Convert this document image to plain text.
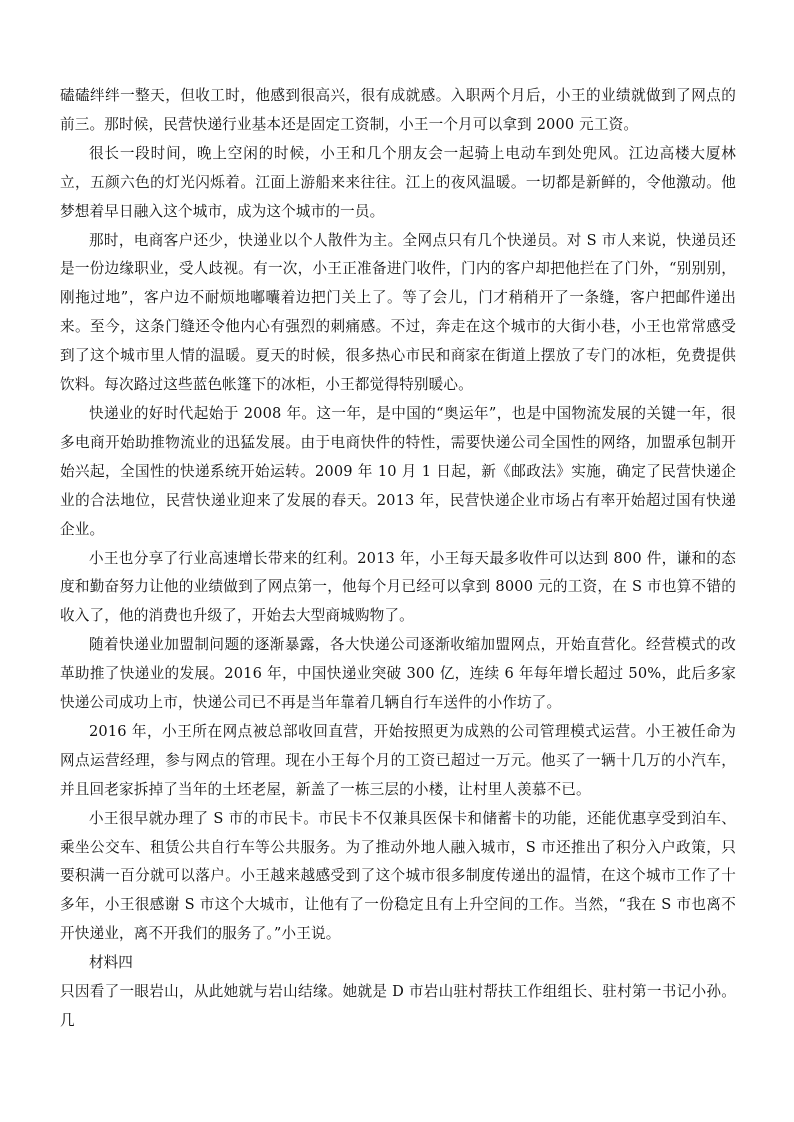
磕磕绊绊一整天，但收工时，他感到很高兴，很有成就感。入职两个月后，小王的业绩就做到了网点的前三。那时候，民营快递行业基本还是固定工资制，小王一个月可以拿到 2000 元工资。

很长一段时间，晚上空闲的时候，小王和几个朋友会一起骑上电动车到处兜风。江边高楼大厦林立，五颜六色的灯光闪烁着。江面上游船来来往往。江上的夜风温暖。一切都是新鲜的，令他激动。他梦想着早日融入这个城市，成为这个城市的一员。

那时，电商客户还少，快递业以个人散件为主。全网点只有几个快递员。对 S 市人来说，快递员还是一份边缘职业，受人歧视。有一次，小王正准备进门收件，门内的客户却把他拦在了门外，“别别别，刚拖过地”，客户边不耐烦地嘟囔着边把门关上了。等了会儿，门才稍稍开了一条缝，客户把邮件递出来。至今，这条门缝还令他内心有强烈的刺痛感。不过，奔走在这个城市的大街小巷，小王也常常感受到了这个城市里人情的温暖。夏天的时候，很多热心市民和商家在街道上摆放了专门的冰柜，免费提供饮料。每次路过这些蓝色帐篷下的冰柜，小王都觉得特别暖心。

快递业的好时代起始于 2008 年。这一年，是中国的“奥运年”，也是中国物流发展的关键一年，很多电商开始助推物流业的迅猛发展。由于电商快件的特性，需要快递公司全国性的网络，加盟承包制开始兴起，全国性的快递系统开始运转。2009 年 10 月 1 日起，新《邮政法》实施，确定了民营快递企业的合法地位，民营快递业迎来了发展的春天。2013 年，民营快递企业市场占有率开始超过国有快递企业。

小王也分享了行业高速增长带来的红利。2013 年，小王每天最多收件可以达到 800 件，谦和的态度和勤奋努力让他的业绩做到了网点第一，他每个月已经可以拿到 8000 元的工资，在 S 市也算不错的收入了，他的消费也升级了，开始去大型商城购物了。

随着快递业加盟制问题的逐渐暴露，各大快递公司逐渐收缩加盟网点，开始直营化。经营模式的改革助推了快递业的发展。2016 年，中国快递业突破 300 亿，连续 6 年每年增长超过 50%，此后多家快递公司成功上市，快递公司已不再是当年靠着几辆自行车送件的小作坊了。

2016 年，小王所在网点被总部收回直营，开始按照更为成熟的公司管理模式运营。小王被任命为网点运营经理，参与网点的管理。现在小王每个月的工资已超过一万元。他买了一辆十几万的小汽车，并且回老家拆掉了当年的土坯老屋，新盖了一栋三层的小楼，让村里人羡慕不已。

小王很早就办理了 S 市的市民卡。市民卡不仅兼具医保卡和储蓄卡的功能，还能优惠享受到泊车、乘坐公交车、租赁公共自行车等公共服务。为了推动外地人融入城市，S 市还推出了积分入户政策，只要积满一百分就可以落户。小王越来越感受到了这个城市很多制度传递出的温情，在这个城市工作了十多年，小王很感谢 S 市这个大城市，让他有了一份稳定且有上升空间的工作。当然，“我在 S 市也离不开快递业，离不开我们的服务了。”小王说。

材料四

只因看了一眼岩山，从此她就与岩山结缘。她就是 D 市岩山驻村帮扶工作组组长、驻村第一书记小孙。几
